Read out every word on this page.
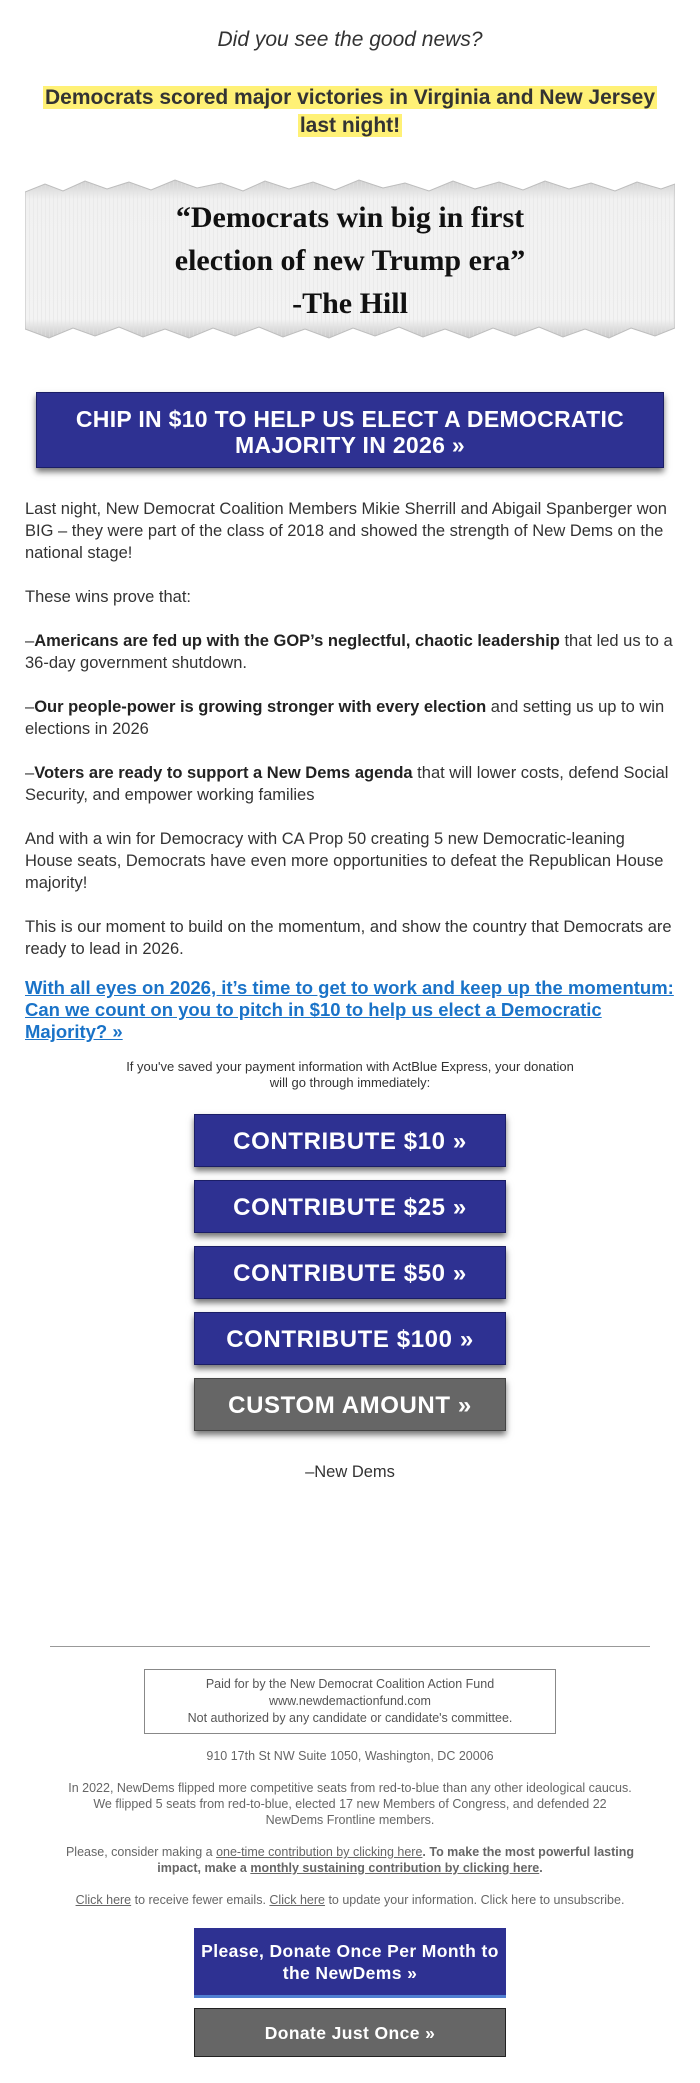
Did you see the good news?
Democrats scored major victories in Virginia and New Jersey last night!
“Democrats win big in first
election of new Trump era”
-The Hill
CHIP IN $10 TO HELP US ELECT A DEMOCRATIC MAJORITY IN 2026 »

Last night, New Democrat Coalition Members Mikie Sherrill and Abigail Spanberger won BIG – they were part of the class of 2018 and showed the strength of New Dems on the national stage!

These wins prove that:

–Americans are fed up with the GOP’s neglectful, chaotic leadership that led us to a 36-day government shutdown.

–Our people-power is growing stronger with every election and setting us up to win elections in 2026

–Voters are ready to support a New Dems agenda that will lower costs, defend Social Security, and empower working families

And with a win for Democracy with CA Prop 50 creating 5 new Democratic-leaning House seats, Democrats have even more opportunities to defeat the Republican House majority!

This is our moment to build on the momentum, and show the country that Democrats are ready to lead in 2026.

With all eyes on 2026, it’s time to get to work and keep up the momentum: Can we count on you to pitch in $10 to help us elect a Democratic Majority? »
If you've saved your payment information with ActBlue Express, your donation
will go through immediately:
CONTRIBUTE $10 »
CONTRIBUTE $25 »
CONTRIBUTE $50 »
CONTRIBUTE $100 »
CUSTOM AMOUNT »
–New Dems
Paid for by the New Democrat Coalition Action Fund
www.newdemactionfund.com
Not authorized by any candidate or candidate's committee.
910 17th St NW Suite 1050, Washington, DC 20006
In 2022, NewDems flipped more competitive seats from red-to-blue than any other ideological caucus. We flipped 5 seats from red-to-blue, elected 17 new Members of Congress, and defended 22 NewDems Frontline members.
Please, consider making a one-time contribution by clicking here. To make the most powerful lasting impact, make a monthly sustaining contribution by clicking here.
Click here to receive fewer emails. Click here to update your information. Click here to unsubscribe.
Please, Donate Once Per Month to the NewDems »
Donate Just Once »
